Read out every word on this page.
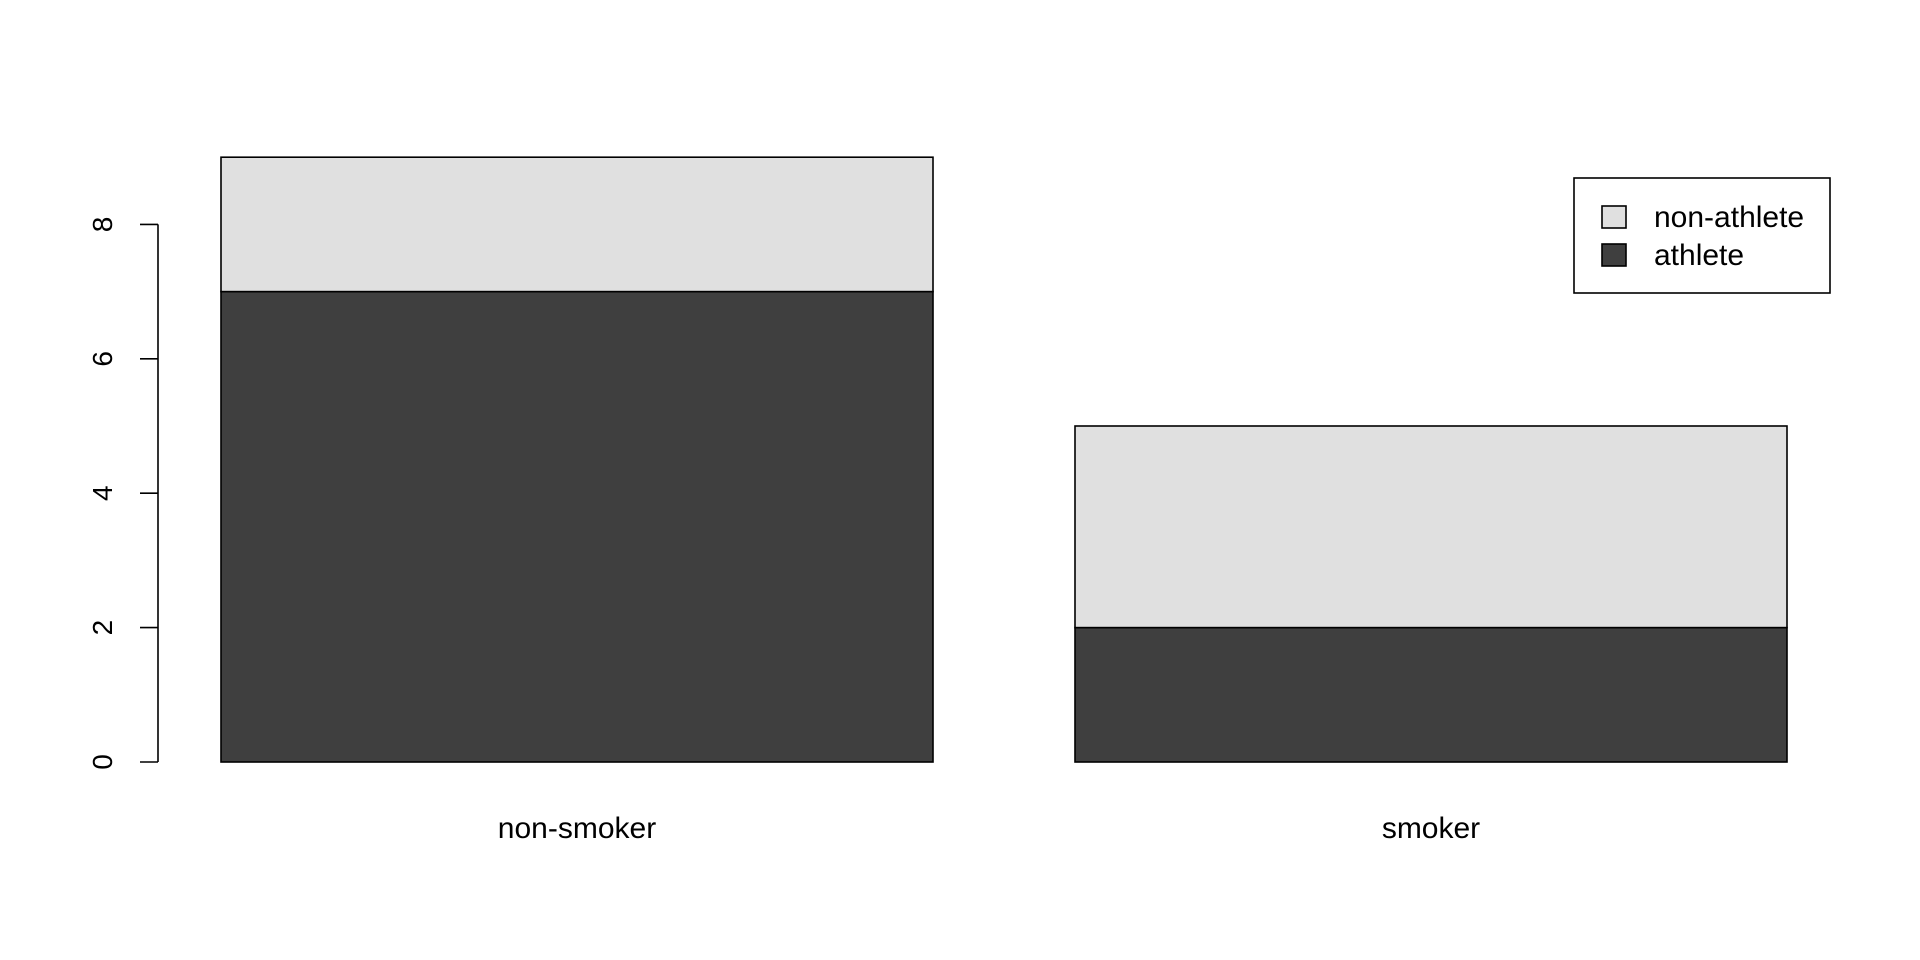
0
2
4
6
8
non-smoker	smoker
non-athlete
athlete
